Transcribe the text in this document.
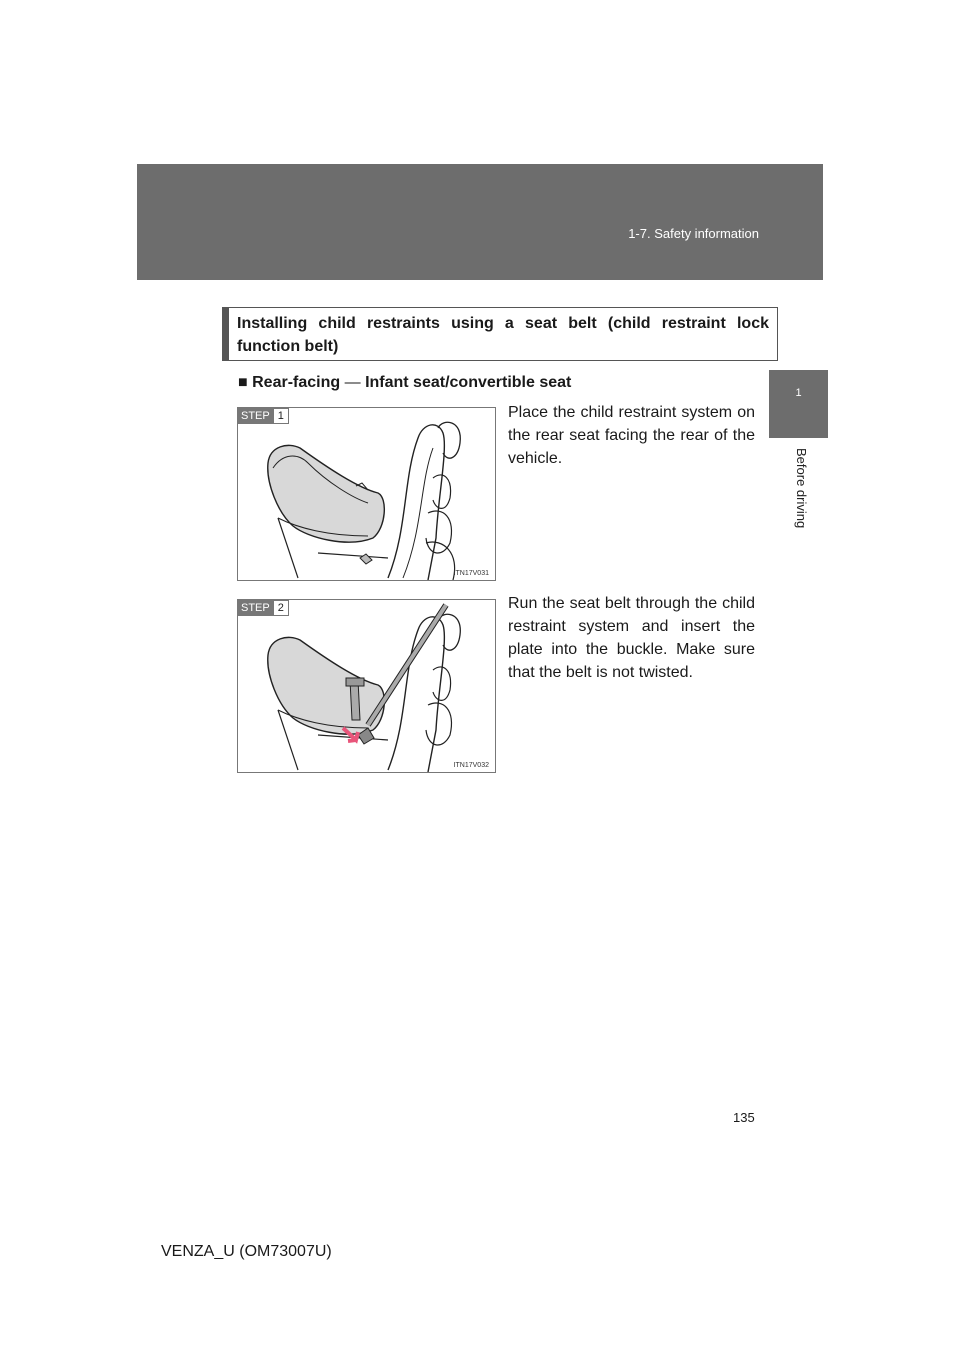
1-7. Safety information
1
Before driving
Installing child restraints using a seat belt (child restraint lock function belt)
■ Rear-facing — Infant seat/convertible seat
STEP 1
ITN17V031
Place the child restraint system on the rear seat facing the rear of the vehicle.
STEP 2
ITN17V032
Run the seat belt through the child restraint system and insert the plate into the buckle. Make sure that the belt is not twisted.
135
VENZA_U (OM73007U)
